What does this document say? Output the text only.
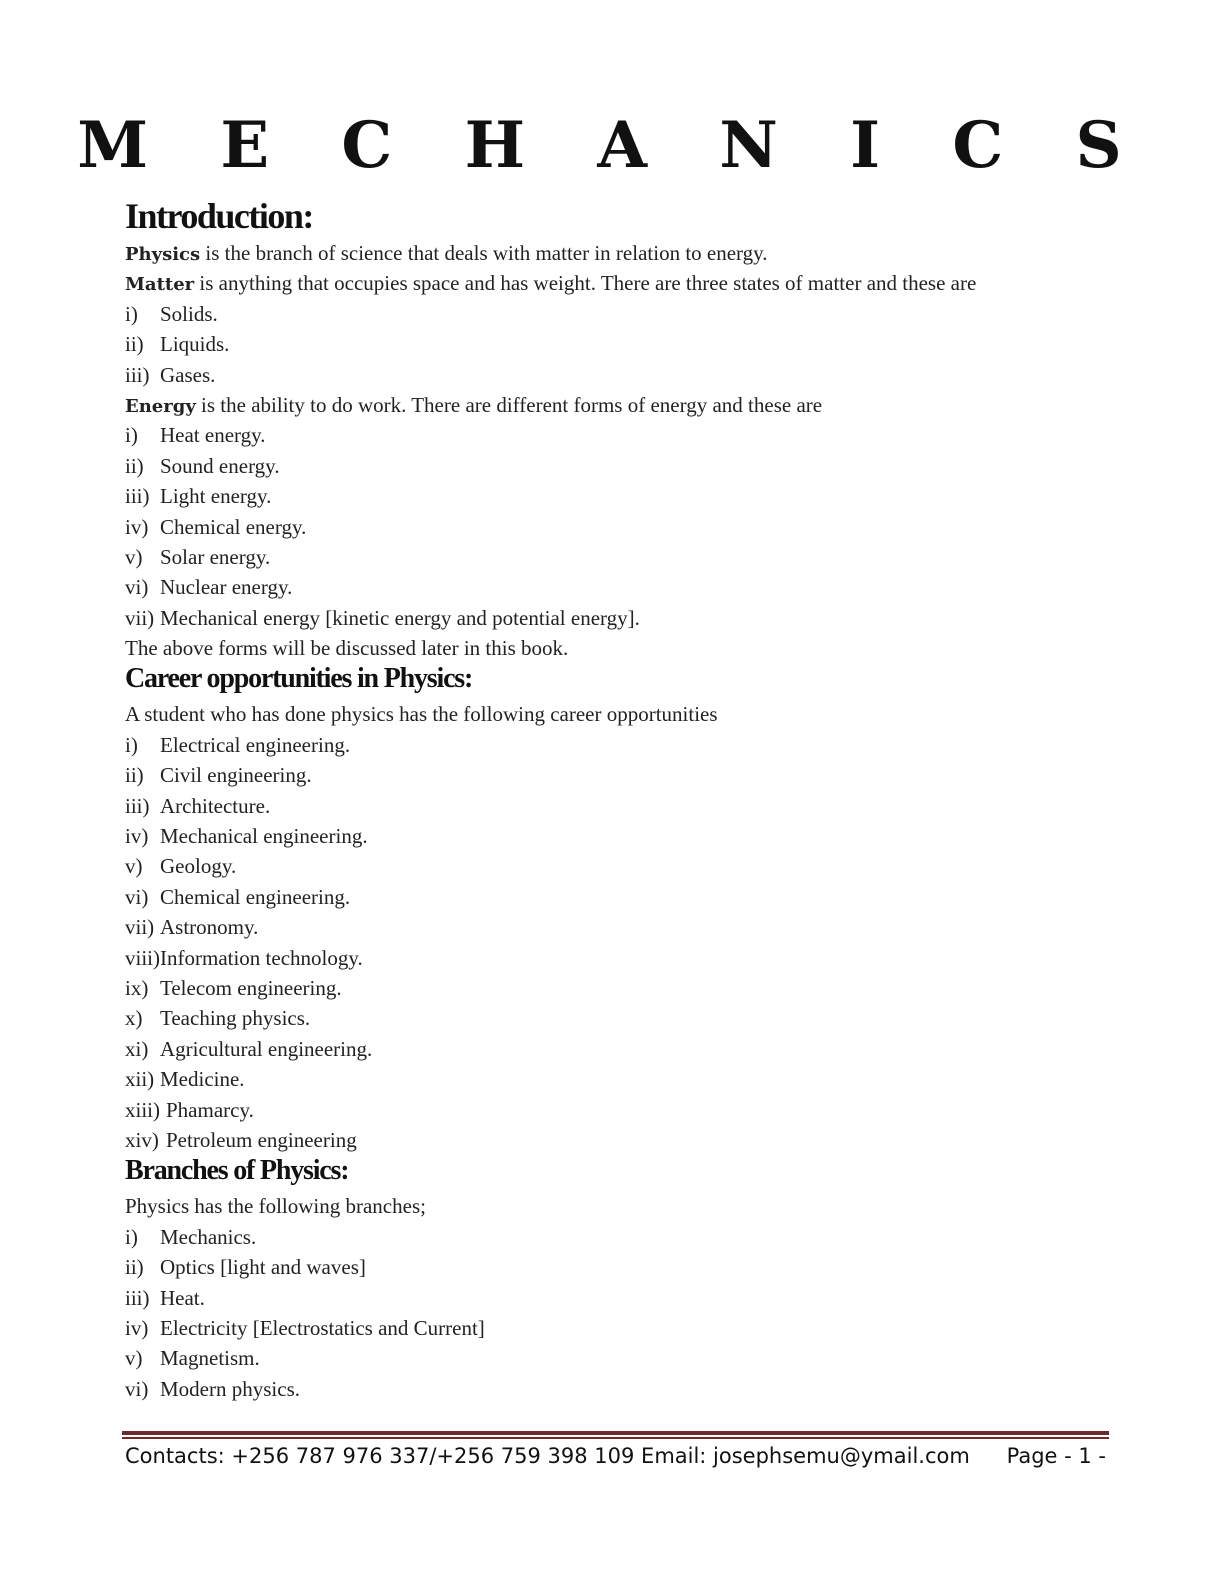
M E C H A N I C S
Introduction:
Physics is the branch of science that deals with matter in relation to energy.
Matter is anything that occupies space and has weight. There are three states of matter and these are
i)	Solids.
ii) Liquids.
iii) Gases.
Energy is the ability to do work. There are different forms of energy and these are
i)	Heat energy.
ii) Sound energy.
iii) Light energy.
iv) Chemical energy.
v) Solar energy.
vi) Nuclear energy.
vii) Mechanical energy [kinetic energy and potential energy].
The above forms will be discussed later in this book.
Career opportunities in Physics:
A student who has done physics has the following career opportunities
i)	Electrical engineering.
ii) Civil engineering.
iii) Architecture.
iv) Mechanical engineering.
v) Geology.
vi) Chemical engineering.
vii) Astronomy.
viii) Information technology.
ix) Telecom engineering.
x) Teaching physics.
xi) Agricultural engineering.
xii) Medicine.
xiii) Phamarcy.
xiv) Petroleum engineering
Branches of Physics:
Physics has the following branches;
i)	Mechanics.
ii) Optics [light and waves]
iii) Heat.
iv) Electricity [Electrostatics and Current]
v) Magnetism.
vi) Modern physics.
Contacts: +256 787 976 337/+256 759 398 109 Email: josephsemu@ymail.com Page - 1 -
